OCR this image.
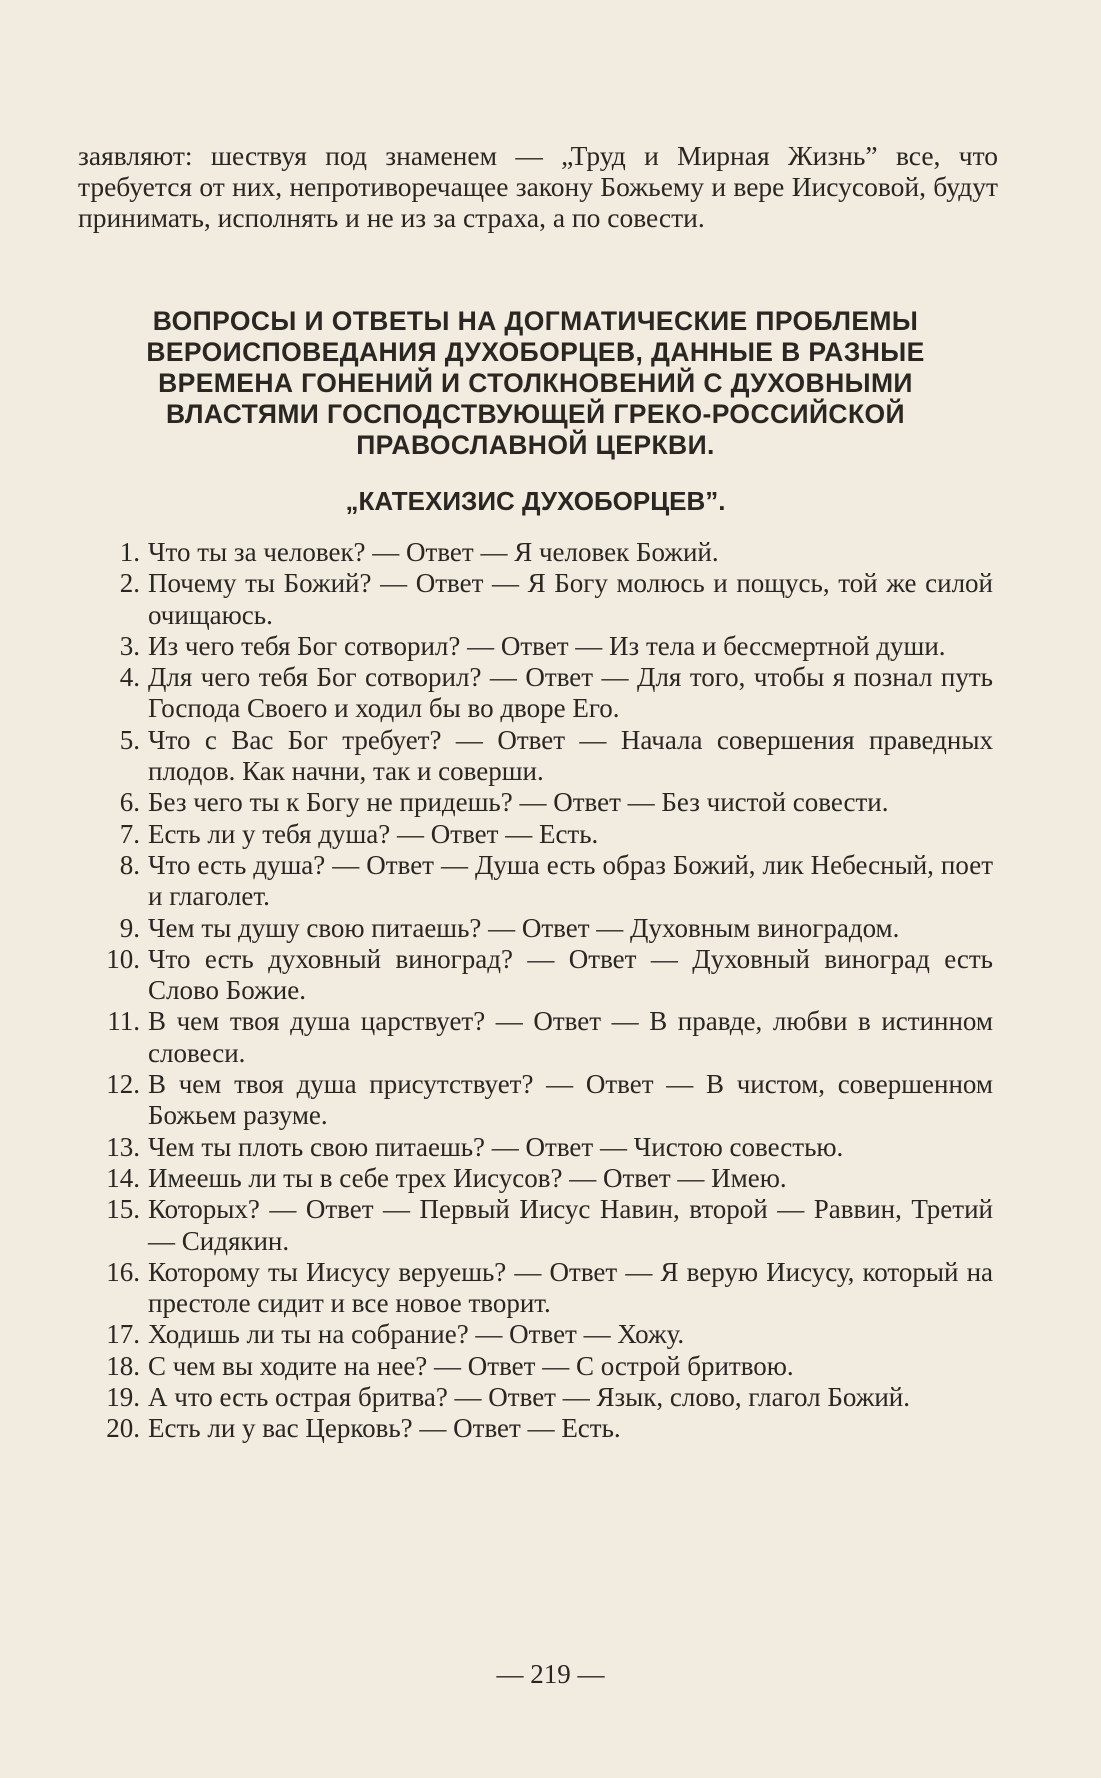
заявляют: шествуя под знаменем — „Труд и Мирная Жизнь” все, что требуется от них, непротиворечащее закону Божьему и вере Иисусовой, будут принимать, исполнять и не из за страха, а по совести.

ВОПРОСЫ И ОТВЕТЫ НА ДОГМАТИЧЕСКИЕ ПРОБЛЕМЫ ВЕРОИСПОВЕДАНИЯ ДУХОБОРЦЕВ, ДАННЫЕ В РАЗНЫЕ ВРЕМЕНА ГОНЕНИЙ И СТОЛКНОВЕНИЙ С ДУХОВНЫМИ ВЛАСТЯМИ ГОСПОДСТВУЮЩЕЙ ГРЕКО-РОССИЙСКОЙ ПРАВОСЛАВНОЙ ЦЕРКВИ.
„КАТЕХИЗИС ДУХОБОРЦЕВ”.
1. Что ты за человек? — Ответ — Я человек Божий.
2. Почему ты Божий? — Ответ — Я Богу молюсь и пощусь, той же силой очищаюсь.
3. Из чего тебя Бог сотворил? — Ответ — Из тела и бессмертной души.
4. Для чего тебя Бог сотворил? — Ответ — Для того, чтобы я познал путь Господа Своего и ходил бы во дворе Его.
5. Что с Вас Бог требует? — Ответ — Начала совершения праведных плодов. Как начни, так и соверши.
6. Без чего ты к Богу не придешь? — Ответ — Без чистой совести.
7. Есть ли у тебя душа? — Ответ — Есть.
8. Что есть душа? — Ответ — Душа есть образ Божий, лик Небесный, поет и глаголет.
9. Чем ты душу свою питаешь? — Ответ — Духовным виноградом.
10. Что есть духовный виноград? — Ответ — Духовный виноград есть Слово Божие.
11. В чем твоя душа царствует? — Ответ — В правде, любви в истинном словеси.
12. В чем твоя душа присутствует? — Ответ — В чистом, совершенном Божьем разуме.
13. Чем ты плоть свою питаешь? — Ответ — Чистою совестью.
14. Имеешь ли ты в себе трех Иисусов? — Ответ — Имею.
15. Которых? — Ответ — Первый Иисус Навин, второй — Раввин, Третий — Сидякин.
16. Которому ты Иисусу веруешь? — Ответ — Я верую Иисусу, который на престоле сидит и все новое творит.
17. Ходишь ли ты на собрание? — Ответ — Хожу.
18. С чем вы ходите на нее? — Ответ — С острой бритвою.
19. А что есть острая бритва? — Ответ — Язык, слово, глагол Божий.
20. Есть ли у вас Церковь? — Ответ — Есть.
— 219 —
